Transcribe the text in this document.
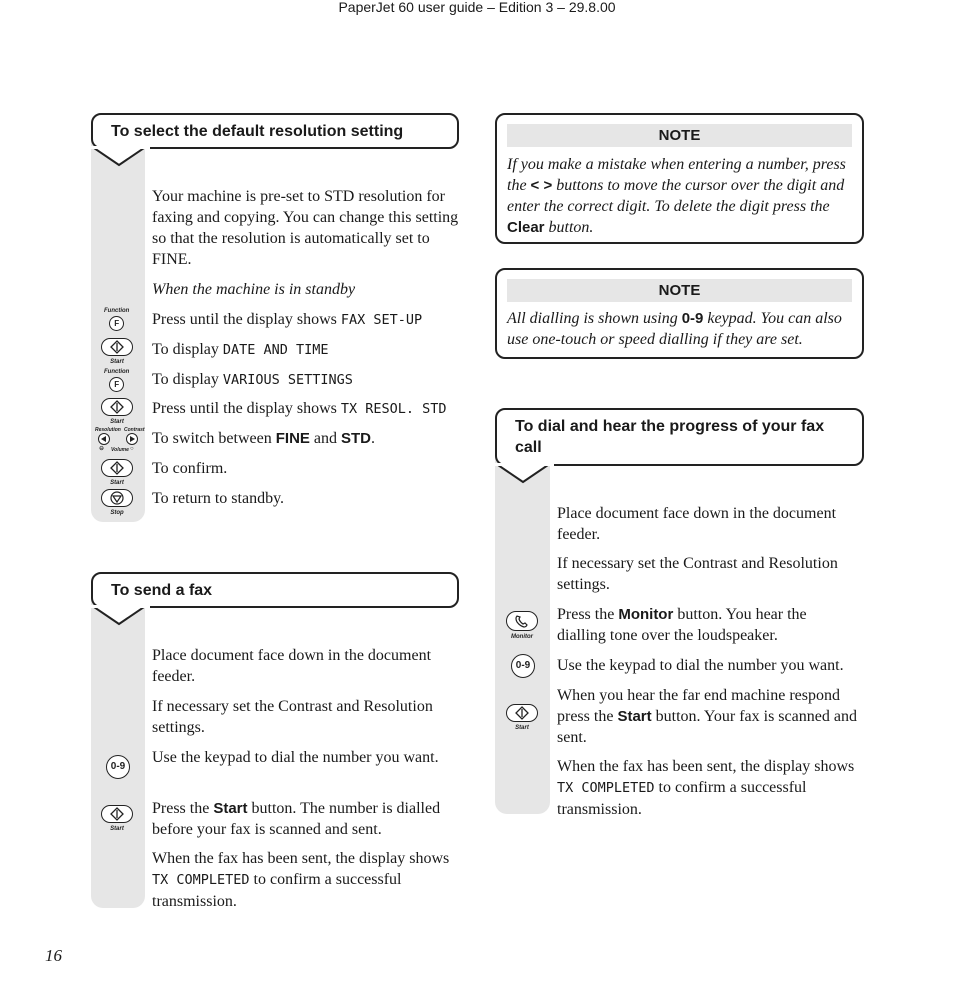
PaperJet 60 user guide – Edition 3 – 29.8.00
To select the default resolution setting
Your machine is pre-set to STD resolution for faxing and copying. You can change this setting so that the resolution is automatically set to FINE.
When the machine is in standby
Press until the display shows FAX SET-UP
To display DATE AND TIME
To display VARIOUS SETTINGS
Press until the display shows TX RESOL. STD
To switch between FINE and STD.
To confirm.
To return to standby.
Function
F
Start
Function
F
Start
Resolution Contrast
⊖ Volume ○
Start
Stop
To send a fax
Place document face down in the document feeder.
If necessary set the Contrast and Resolution settings.
Use the keypad to dial the number you want.
Press the Start button. The number is dialled before your fax is scanned and sent.
When the fax has been sent, the display shows TX COMPLETED to confirm a successful transmission.
0-9
Start
NOTE
If you make a mistake when entering a number, press the < > buttons to move the cursor over the digit and enter the correct digit. To delete the digit press the Clear button.
NOTE
All dialling is shown using 0-9 keypad. You can also use one-touch or speed dialling if they are set.
To dial and hear the progress of your fax call
Place document face down in the document feeder.
If necessary set the Contrast and Resolution settings.
Press the Monitor button. You hear the dialling tone over the loudspeaker.
Use the keypad to dial the number you want.
When you hear the far end machine respond press the Start button. Your fax is scanned and sent.
When the fax has been sent, the display shows TX COMPLETED to confirm a successful transmission.
Monitor
0-9
Start
16
